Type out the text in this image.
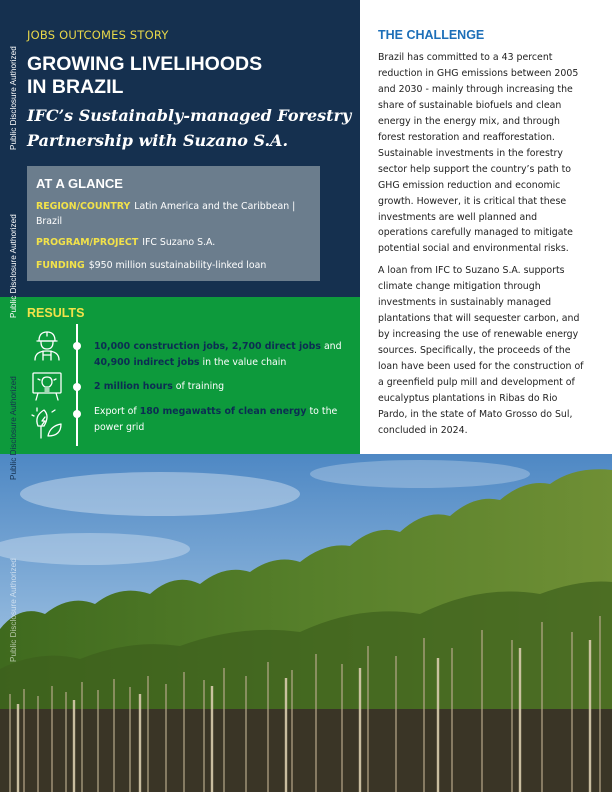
JOBS OUTCOMES STORY
GROWING LIVELIHOODS
IN BRAZIL
IFC’s Sustainably-managed Forestry Partnership with Suzano S.A.
AT A GLANCE
REGION/COUNTRY Latin America and the Caribbean | Brazil
PROGRAM/PROJECT IFC Suzano S.A.
FUNDING $950 million sustainability-linked loan
RESULTS
10,000 construction jobs, 2,700 direct jobs and 40,900 indirect jobs in the value chain
2 million hours of training
Export of 180 megawatts of clean energy to the power grid
THE CHALLENGE

Brazil has committed to a 43 percent reduction in GHG emissions between 2005 and 2030 - mainly through increasing the share of sustainable biofuels and clean energy in the energy mix, and through forest restoration and reafforestation. Sustainable investments in the forestry sector help support the country’s path to GHG emission reduction and economic growth. However, it is critical that these investments are well planned and operations carefully managed to mitigate potential social and environmental risks.

A loan from IFC to Suzano S.A. supports climate change mitigation through investments in sustainably managed plantations that will sequester carbon, and by increasing the use of renewable energy sources. Specifically, the proceeds of the loan have been used for the construction of a greenfield pulp mill and development of eucalyptus plantations in Ribas do Rio Pardo, in the state of Mato Grosso do Sul, concluded in 2024.

Public Disclosure Authorized
Public Disclosure Authorized
Public Disclosure Authorized
Public Disclosure Authorized
